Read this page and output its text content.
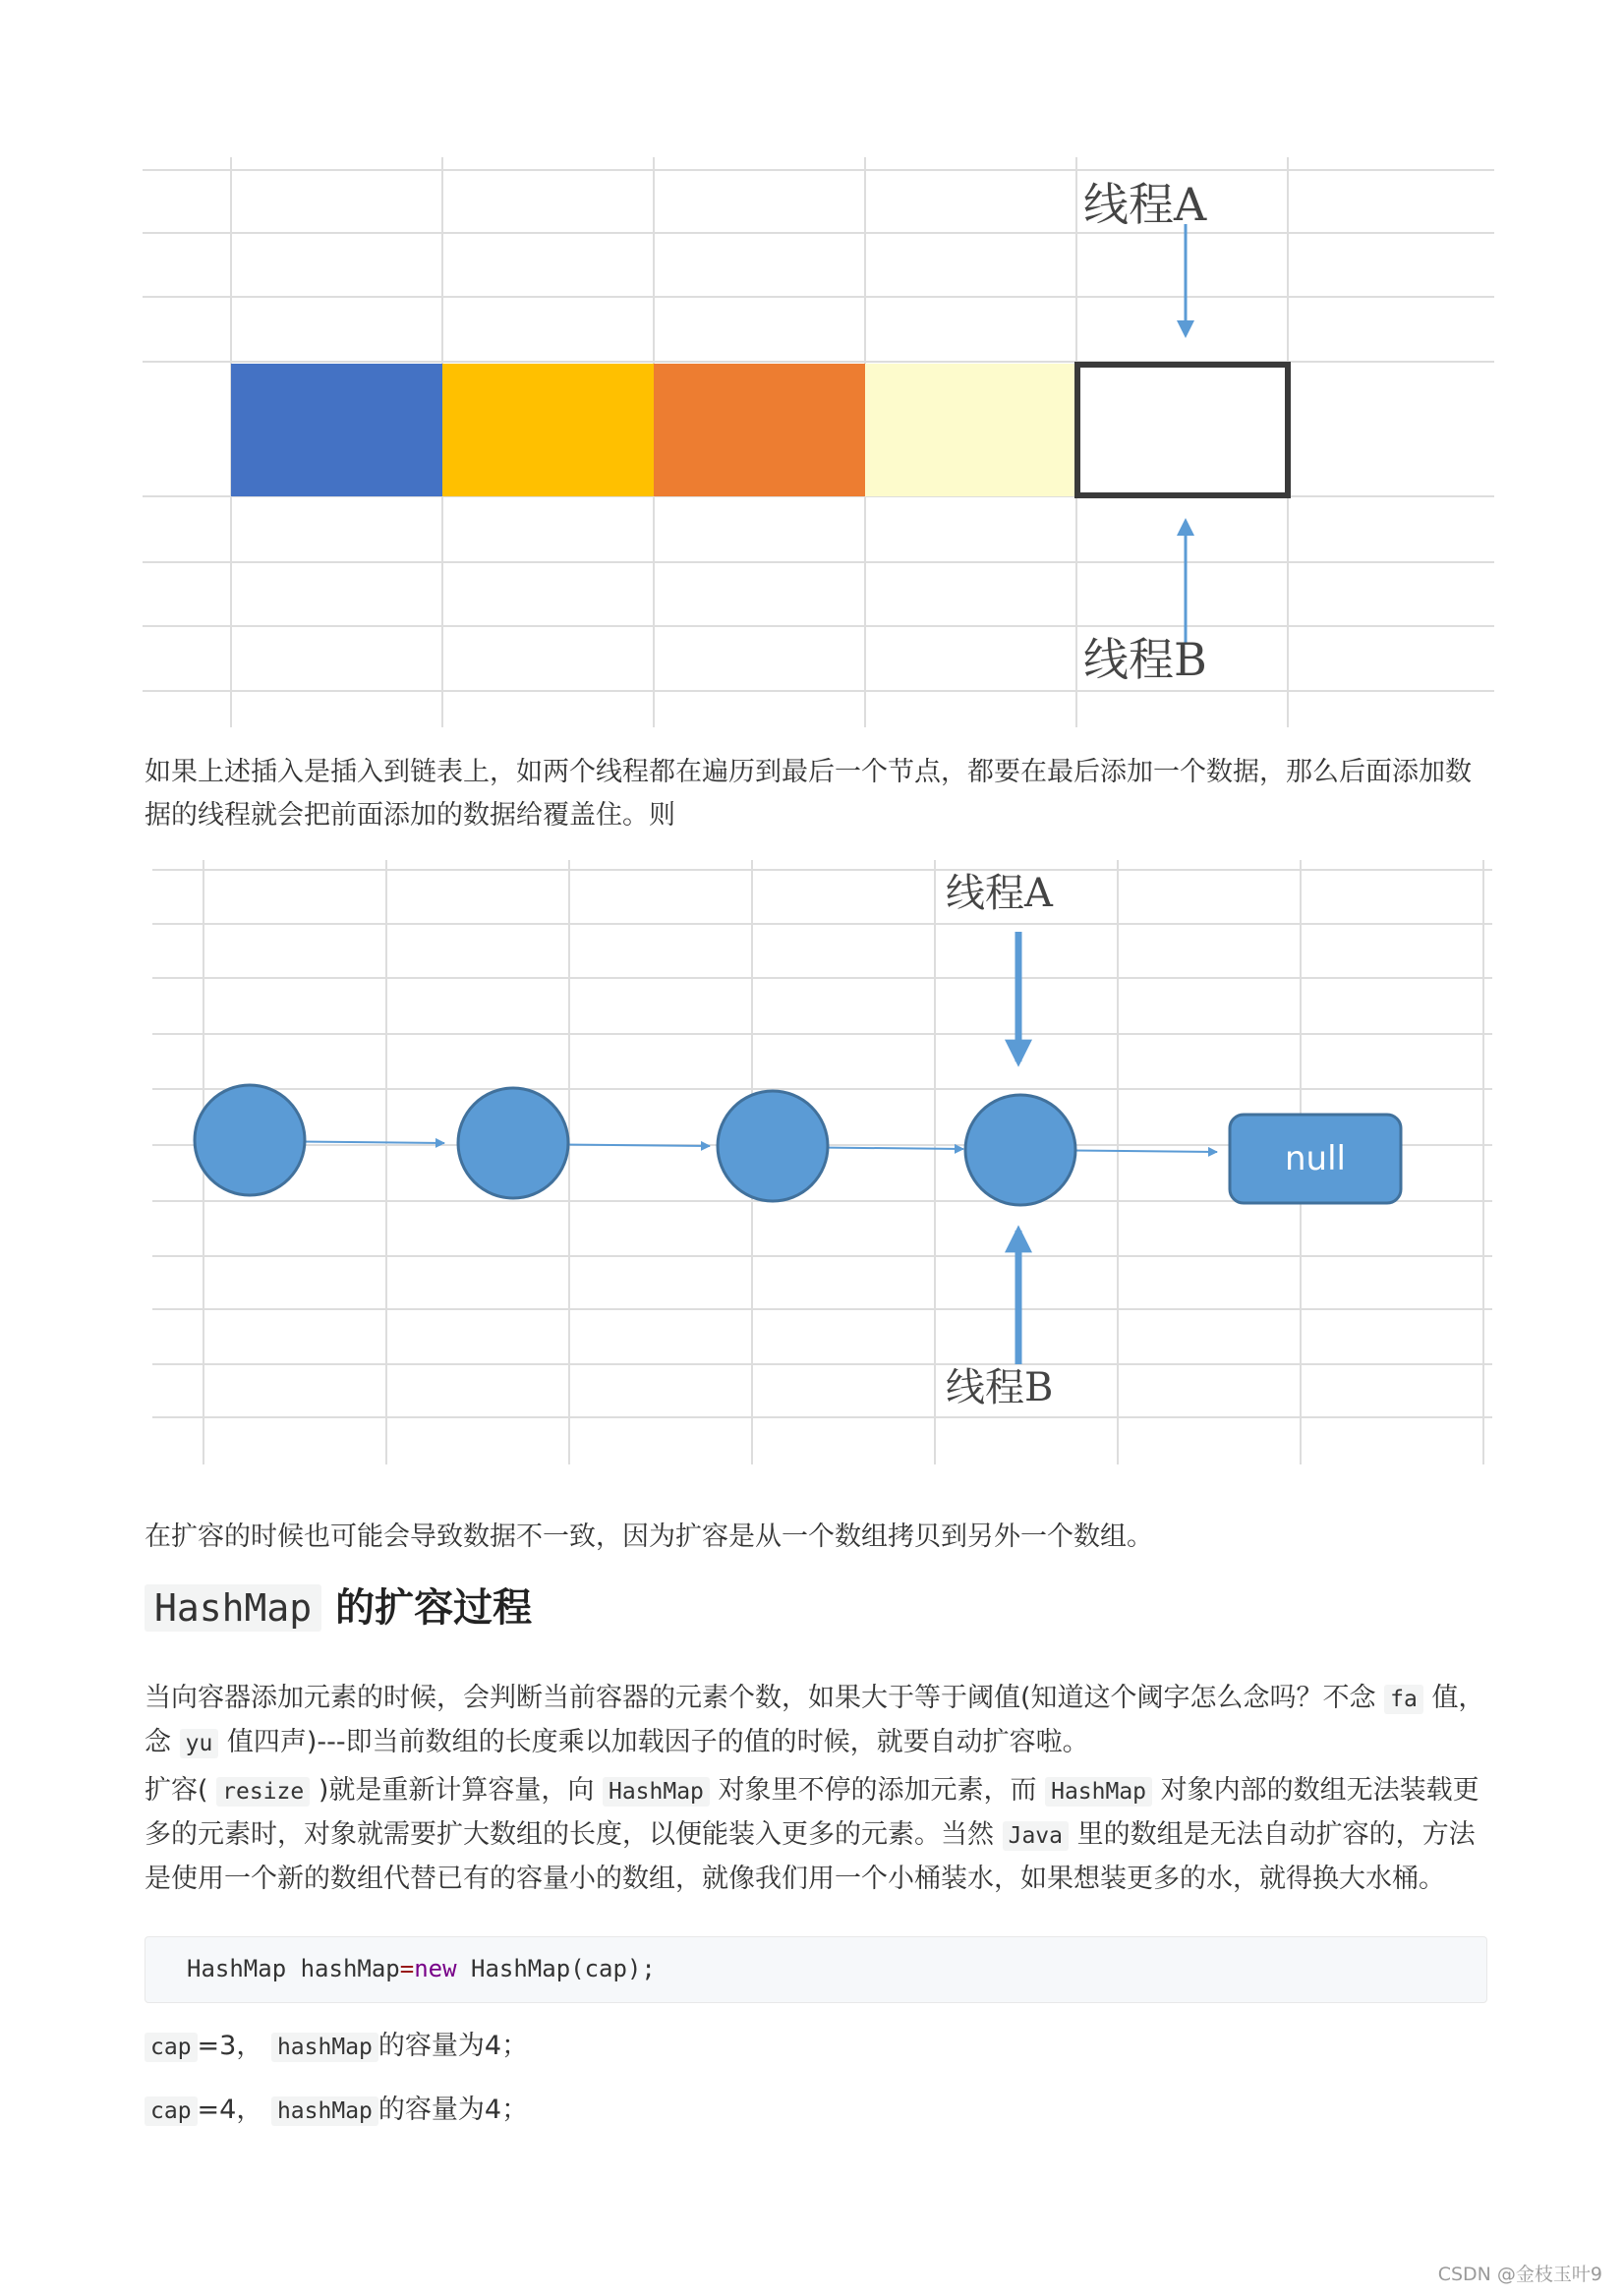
线程A
线程B

如果上述插入是插入到链表上，如两个线程都在遍历到最后一个节点，都要在最后添加一个数据，那么后面添加数据的线程就会把前面添加的数据给覆盖住。则

null
线程A
线程B

在扩容的时候也可能会导致数据不一致，因为扩容是从一个数组拷贝到另外一个数组。

HashMap 的扩容过程

当向容器添加元素的时候，会判断当前容器的元素个数，如果大于等于阈值(知道这个阈字怎么念吗？不念 fa 值，念 yu 值四声)---即当前数组的长度乘以加载因子的值的时候，就要自动扩容啦。

扩容( resize )就是重新计算容量，向 HashMap 对象里不停的添加元素，而 HashMap 对象内部的数组无法装载更多的元素时，对象就需要扩大数组的长度，以便能装入更多的元素。当然 Java 里的数组是无法自动扩容的，方法是使用一个新的数组代替已有的容量小的数组，就像我们用一个小桶装水，如果想装更多的水，就得换大水桶。

HashMap hashMap=new HashMap(cap);

cap =3， hashMap 的容量为4；

cap =4， hashMap 的容量为4；

CSDN @金枝玉叶9
